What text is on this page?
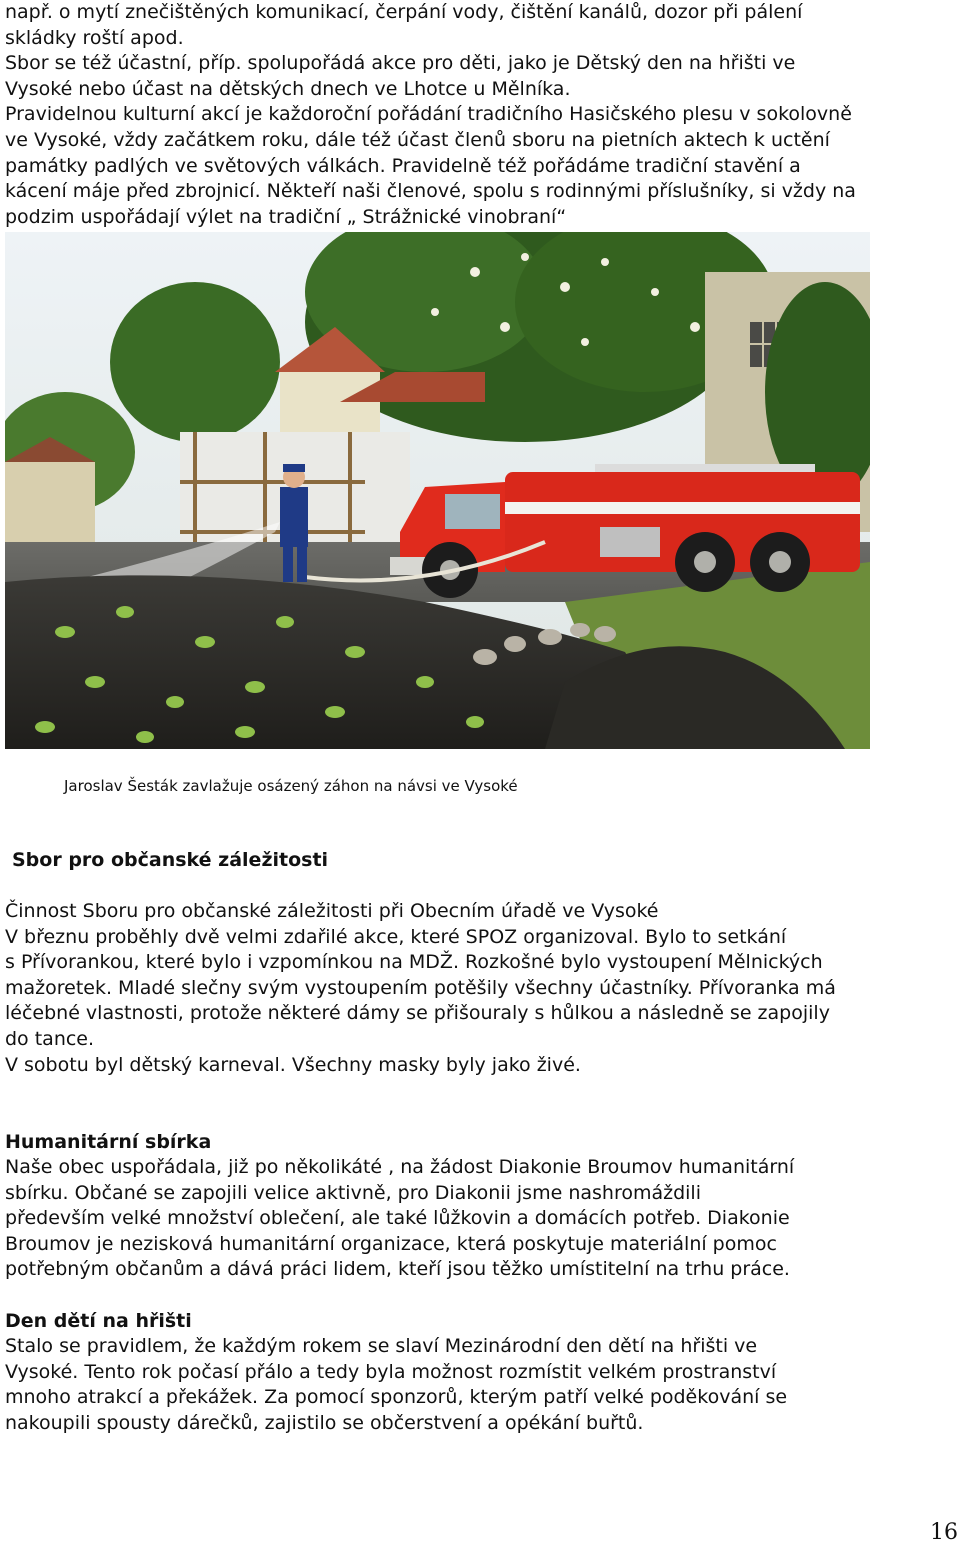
např. o mytí znečištěných komunikací, čerpání vody, čištění kanálů, dozor při pálení
skládky roští apod.
Sbor se též účastní, příp. spolupořádá akce pro děti, jako je Dětský den na hřišti ve
Vysoké nebo účast na dětských dnech ve Lhotce u Mělníka.
Pravidelnou kulturní akcí je každoroční pořádání tradičního Hasičského plesu v sokolovně
ve Vysoké, vždy začátkem roku, dále též účast členů sboru na pietních aktech k uctění
památky padlých ve světových válkách. Pravidelně též pořádáme tradiční stavění a
kácení máje před zbrojnicí. Někteří naši členové, spolu s rodinnými příslušníky, si vždy na
podzim uspořádají výlet na tradiční „ Strážnické vinobraní“
Jaroslav Šesták zavlažuje osázený záhon na návsi ve Vysoké
Sbor pro občanské záležitosti
Činnost Sboru pro občanské záležitosti při Obecním úřadě ve Vysoké
V březnu proběhly dvě velmi zdařilé akce, které SPOZ organizoval. Bylo to setkání
s Přívorankou, které bylo i vzpomínkou na MDŽ. Rozkošné bylo vystoupení Mělnických
mažoretek. Mladé slečny svým vystoupením potěšily všechny účastníky. Přívoranka má
léčebné vlastnosti, protože některé dámy se přišouraly s hůlkou a následně se zapojily
do tance.
V sobotu byl dětský karneval. Všechny masky byly jako živé.
Humanitární sbírka
Naše obec uspořádala, již po několikáté , na žádost Diakonie Broumov humanitární
sbírku. Občané se zapojili velice aktivně, pro Diakonii jsme nashromáždili
především velké množství oblečení, ale také lůžkovin a domácích potřeb. Diakonie
Broumov je nezisková humanitární organizace, která poskytuje materiální pomoc
potřebným občanům a dává práci lidem, kteří jsou těžko umístitelní na trhu práce.
Den dětí na hřišti
Stalo se pravidlem, že každým rokem se slaví Mezinárodní den dětí na hřišti ve
Vysoké. Tento rok počasí přálo a tedy byla možnost rozmístit velkém prostranství
mnoho atrakcí a překážek. Za pomocí sponzorů, kterým patří velké poděkování se
nakoupili spousty dárečků, zajistilo se občerstvení a opékání buřtů.
16
